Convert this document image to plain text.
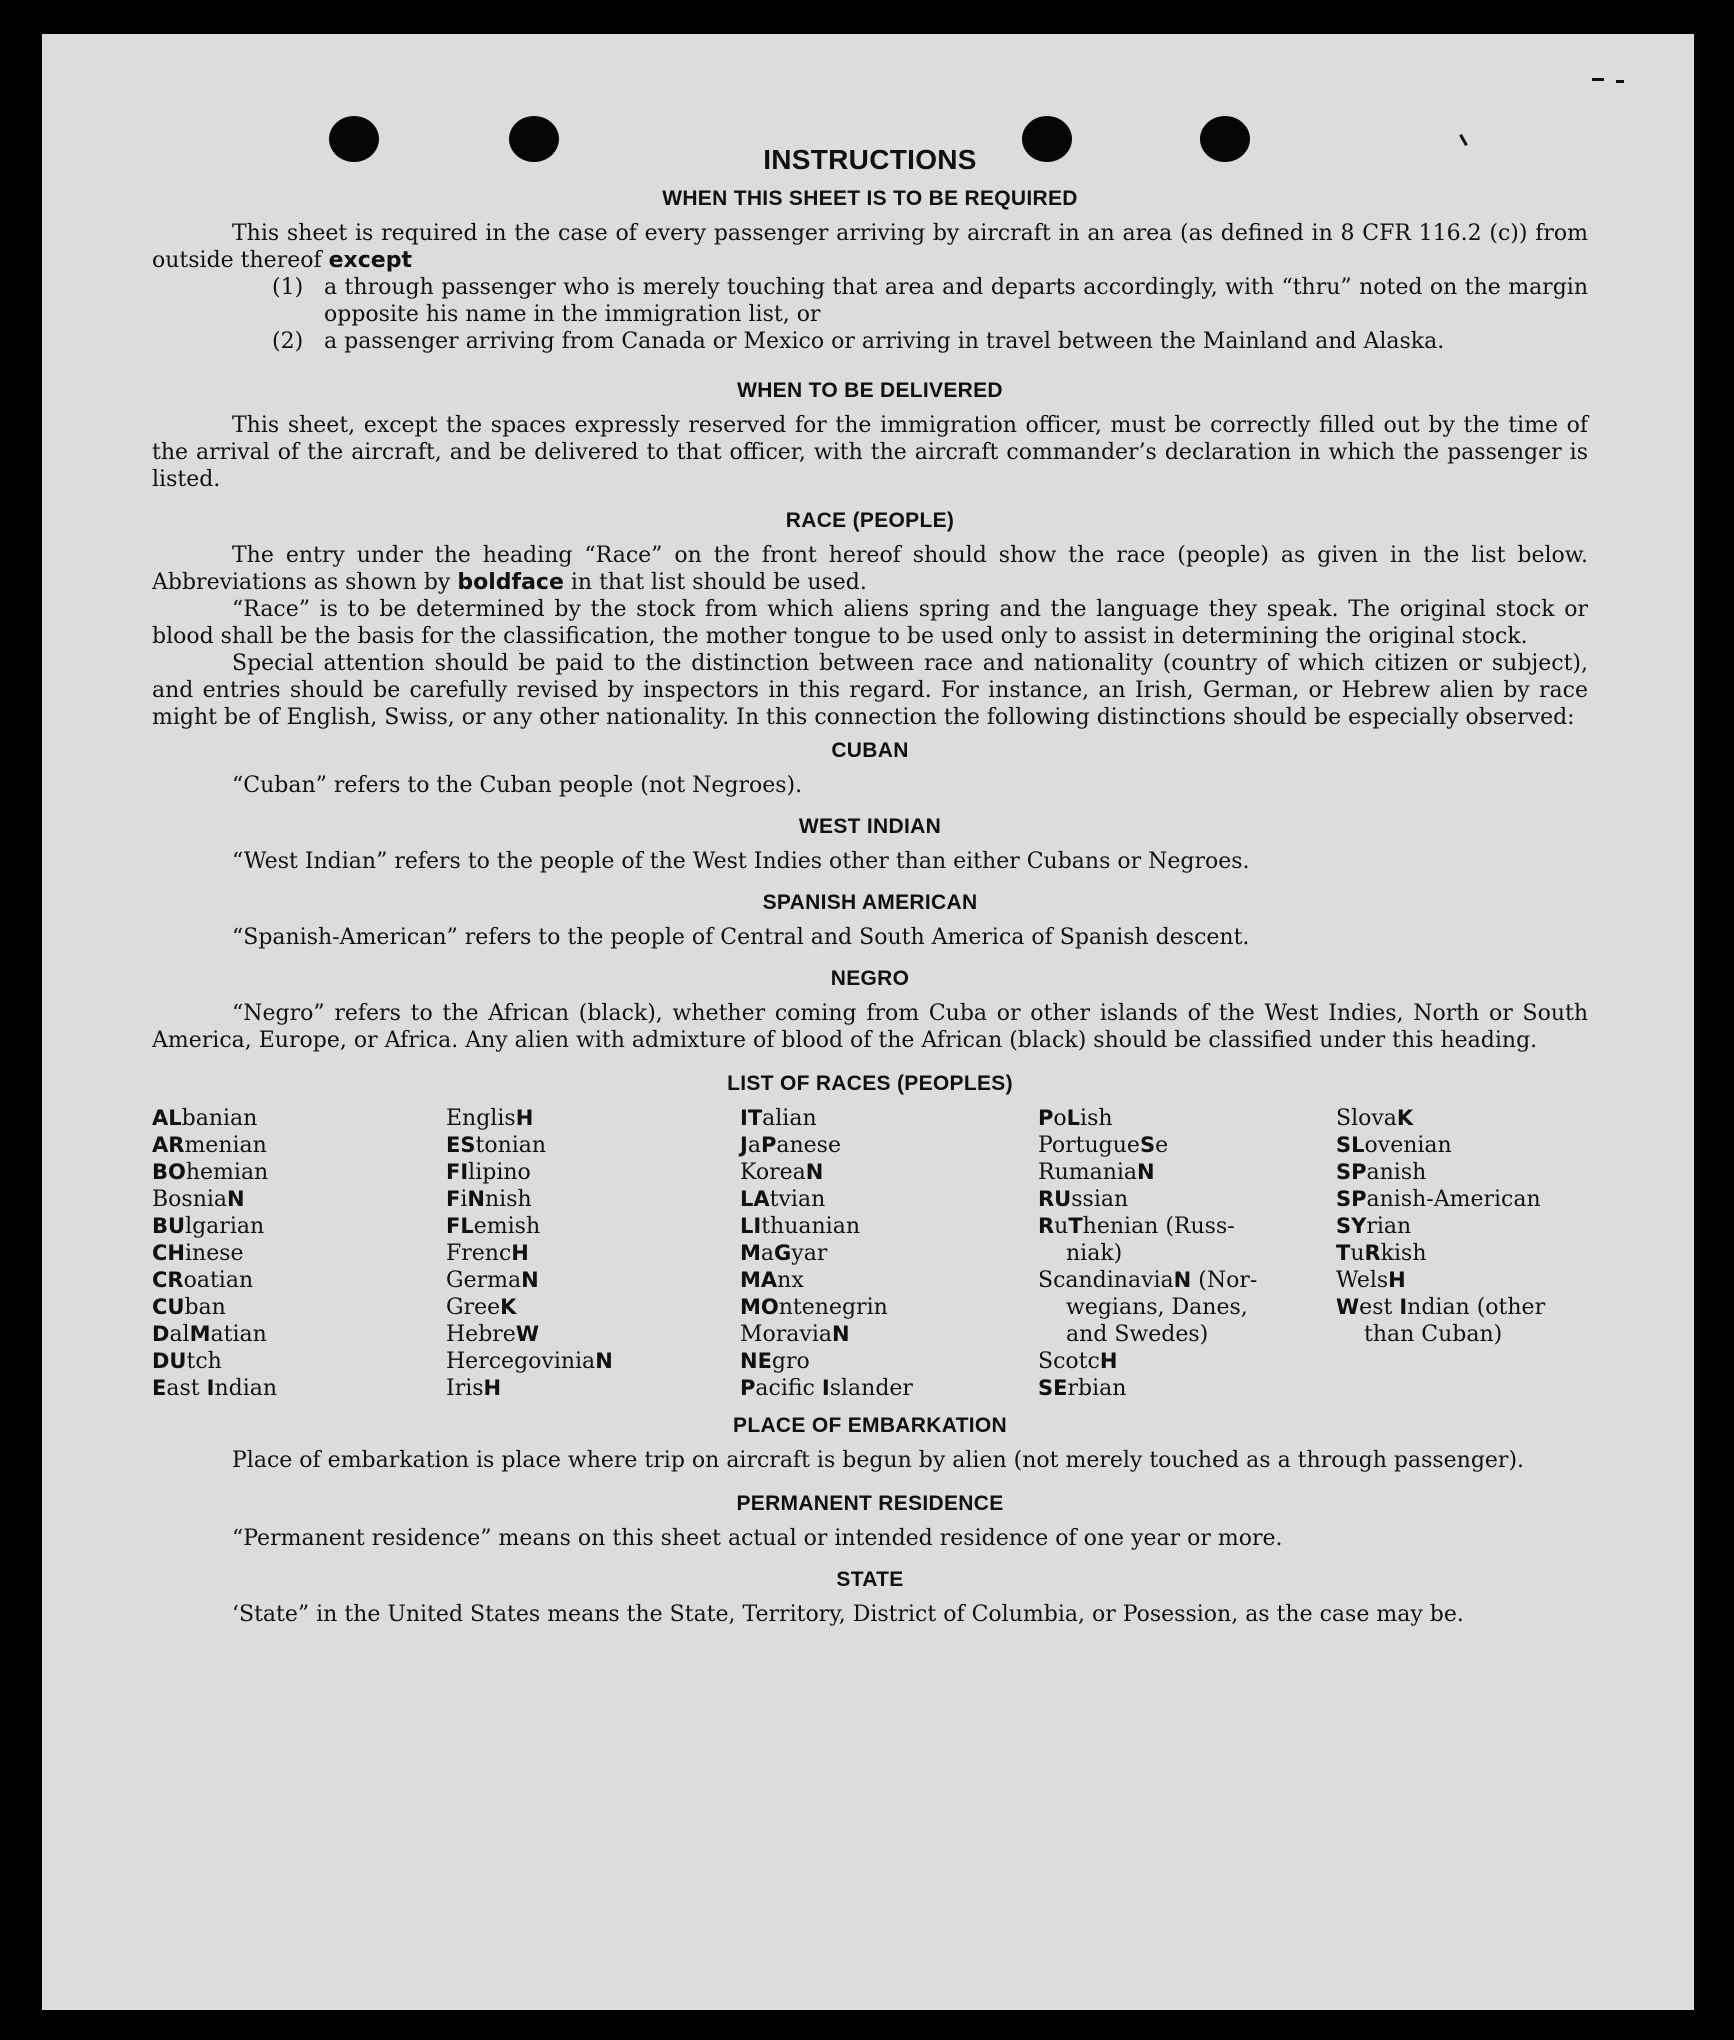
INSTRUCTIONS
WHEN THIS SHEET IS TO BE REQUIRED

This sheet is required in the case of every passenger arriving by aircraft in an area (as defined in 8 CFR 116.2 (c)) from outside thereof except

(1) a through passenger who is merely touching that area and departs accordingly, with “thru” noted on the margin opposite his name in the immigration list, or
(2) a passenger arriving from Canada or Mexico or arriving in travel between the Mainland and Alaska.
WHEN TO BE DELIVERED

This sheet, except the spaces expressly reserved for the immigration officer, must be correctly filled out by the time of the arrival of the aircraft, and be delivered to that officer, with the aircraft commander’s declaration in which the passenger is listed.

RACE (PEOPLE)

The entry under the heading “Race” on the front hereof should show the race (people) as given in the list below. Abbreviations as shown by boldface in that list should be used.

“Race” is to be determined by the stock from which aliens spring and the language they speak. The original stock or blood shall be the basis for the classification, the mother tongue to be used only to assist in determining the original stock.

Special attention should be paid to the distinction between race and nationality (country of which citizen or subject), and entries should be carefully revised by inspectors in this regard. For instance, an Irish, German, or Hebrew alien by race might be of English, Swiss, or any other nationality. In this connection the following distinctions should be especially observed:

CUBAN

“Cuban” refers to the Cuban people (not Negroes).

WEST INDIAN

“West Indian” refers to the people of the West Indies other than either Cubans or Negroes.

SPANISH AMERICAN

“Spanish-American” refers to the people of Central and South America of Spanish descent.

NEGRO

“Negro” refers to the African (black), whether coming from Cuba or other islands of the West Indies, North or South America, Europe, or Africa. Any alien with admixture of blood of the African (black) should be classified under this heading.

LIST OF RACES (PEOPLES)
ALbanian
ARmenian
BOhemian
BosniaN
BUlgarian
CHinese
CRoatian
CUban
DalMatian
DUtch
East Indian
EnglisH
EStonian
FIlipino
FiNnish
FLemish
FrencH
GermaN
GreeK
HebreW
HercegoviniaN
IrisH
ITalian
JaPanese
KoreaN
LAtvian
LIthuanian
MaGyar
MAnx
MOntenegrin
MoraviaN
NEgro
Pacific Islander
PoLish
PortugueSe
RumaniaN
RUssian
RuThenian (Russ-
niak)
ScandinaviaN (Nor-
wegians, Danes,
and Swedes)
ScotcH
SErbian
SlovaK
SLovenian
SPanish
SPanish-American
SYrian
TuRkish
WelsH
West Indian (other
than Cuban)
PLACE OF EMBARKATION

Place of embarkation is place where trip on aircraft is begun by alien (not merely touched as a through passenger).

PERMANENT RESIDENCE

“Permanent residence” means on this sheet actual or intended residence of one year or more.

STATE

‘State” in the United States means the State, Territory, District of Columbia, or Posession, as the case may be.
